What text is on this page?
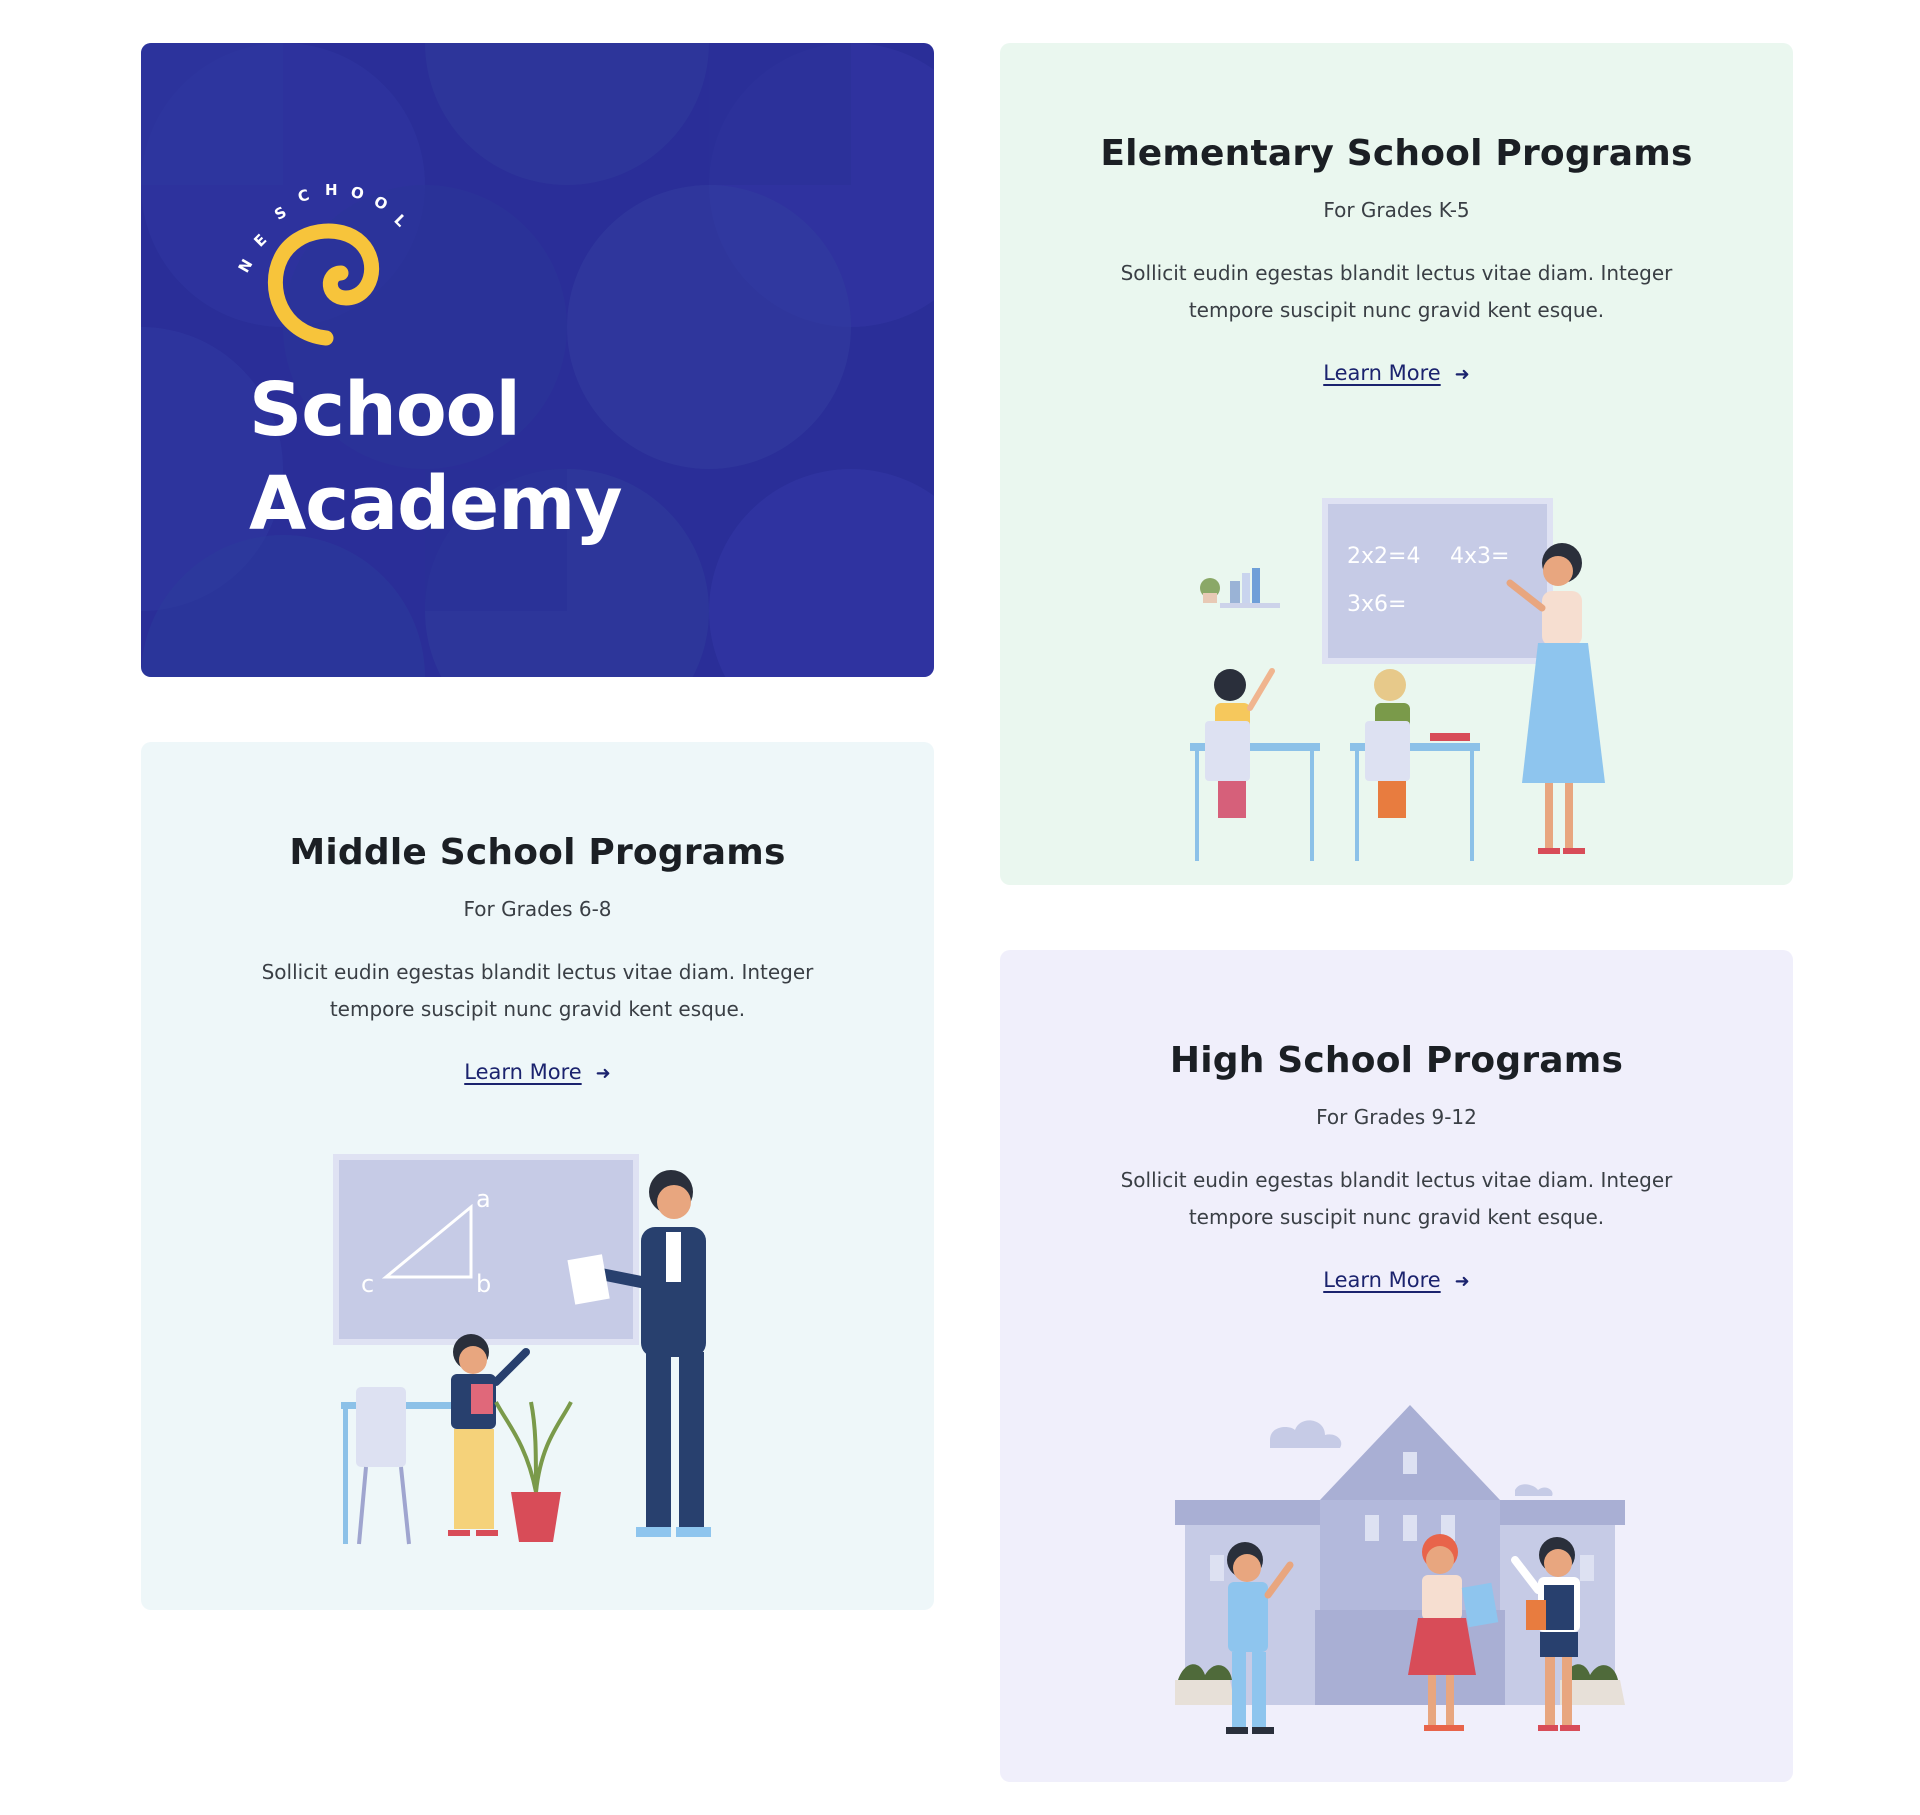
N
E
S
C H O O
L
School
Academy
Elementary School Programs
For Grades K-5
Sollicit eudin egestas blandit lectus vitae diam. Integer tempore suscipit nunc gravid kent esque.
Learn More ➜
2x2=4 4x3=
3x6=
Middle School Programs
For Grades 6-8
Sollicit eudin egestas blandit lectus vitae diam. Integer tempore suscipit nunc gravid kent esque.
Learn More ➜
a
b
c
High School Programs
For Grades 9-12
Sollicit eudin egestas blandit lectus vitae diam. Integer tempore suscipit nunc gravid kent esque.
Learn More ➜
